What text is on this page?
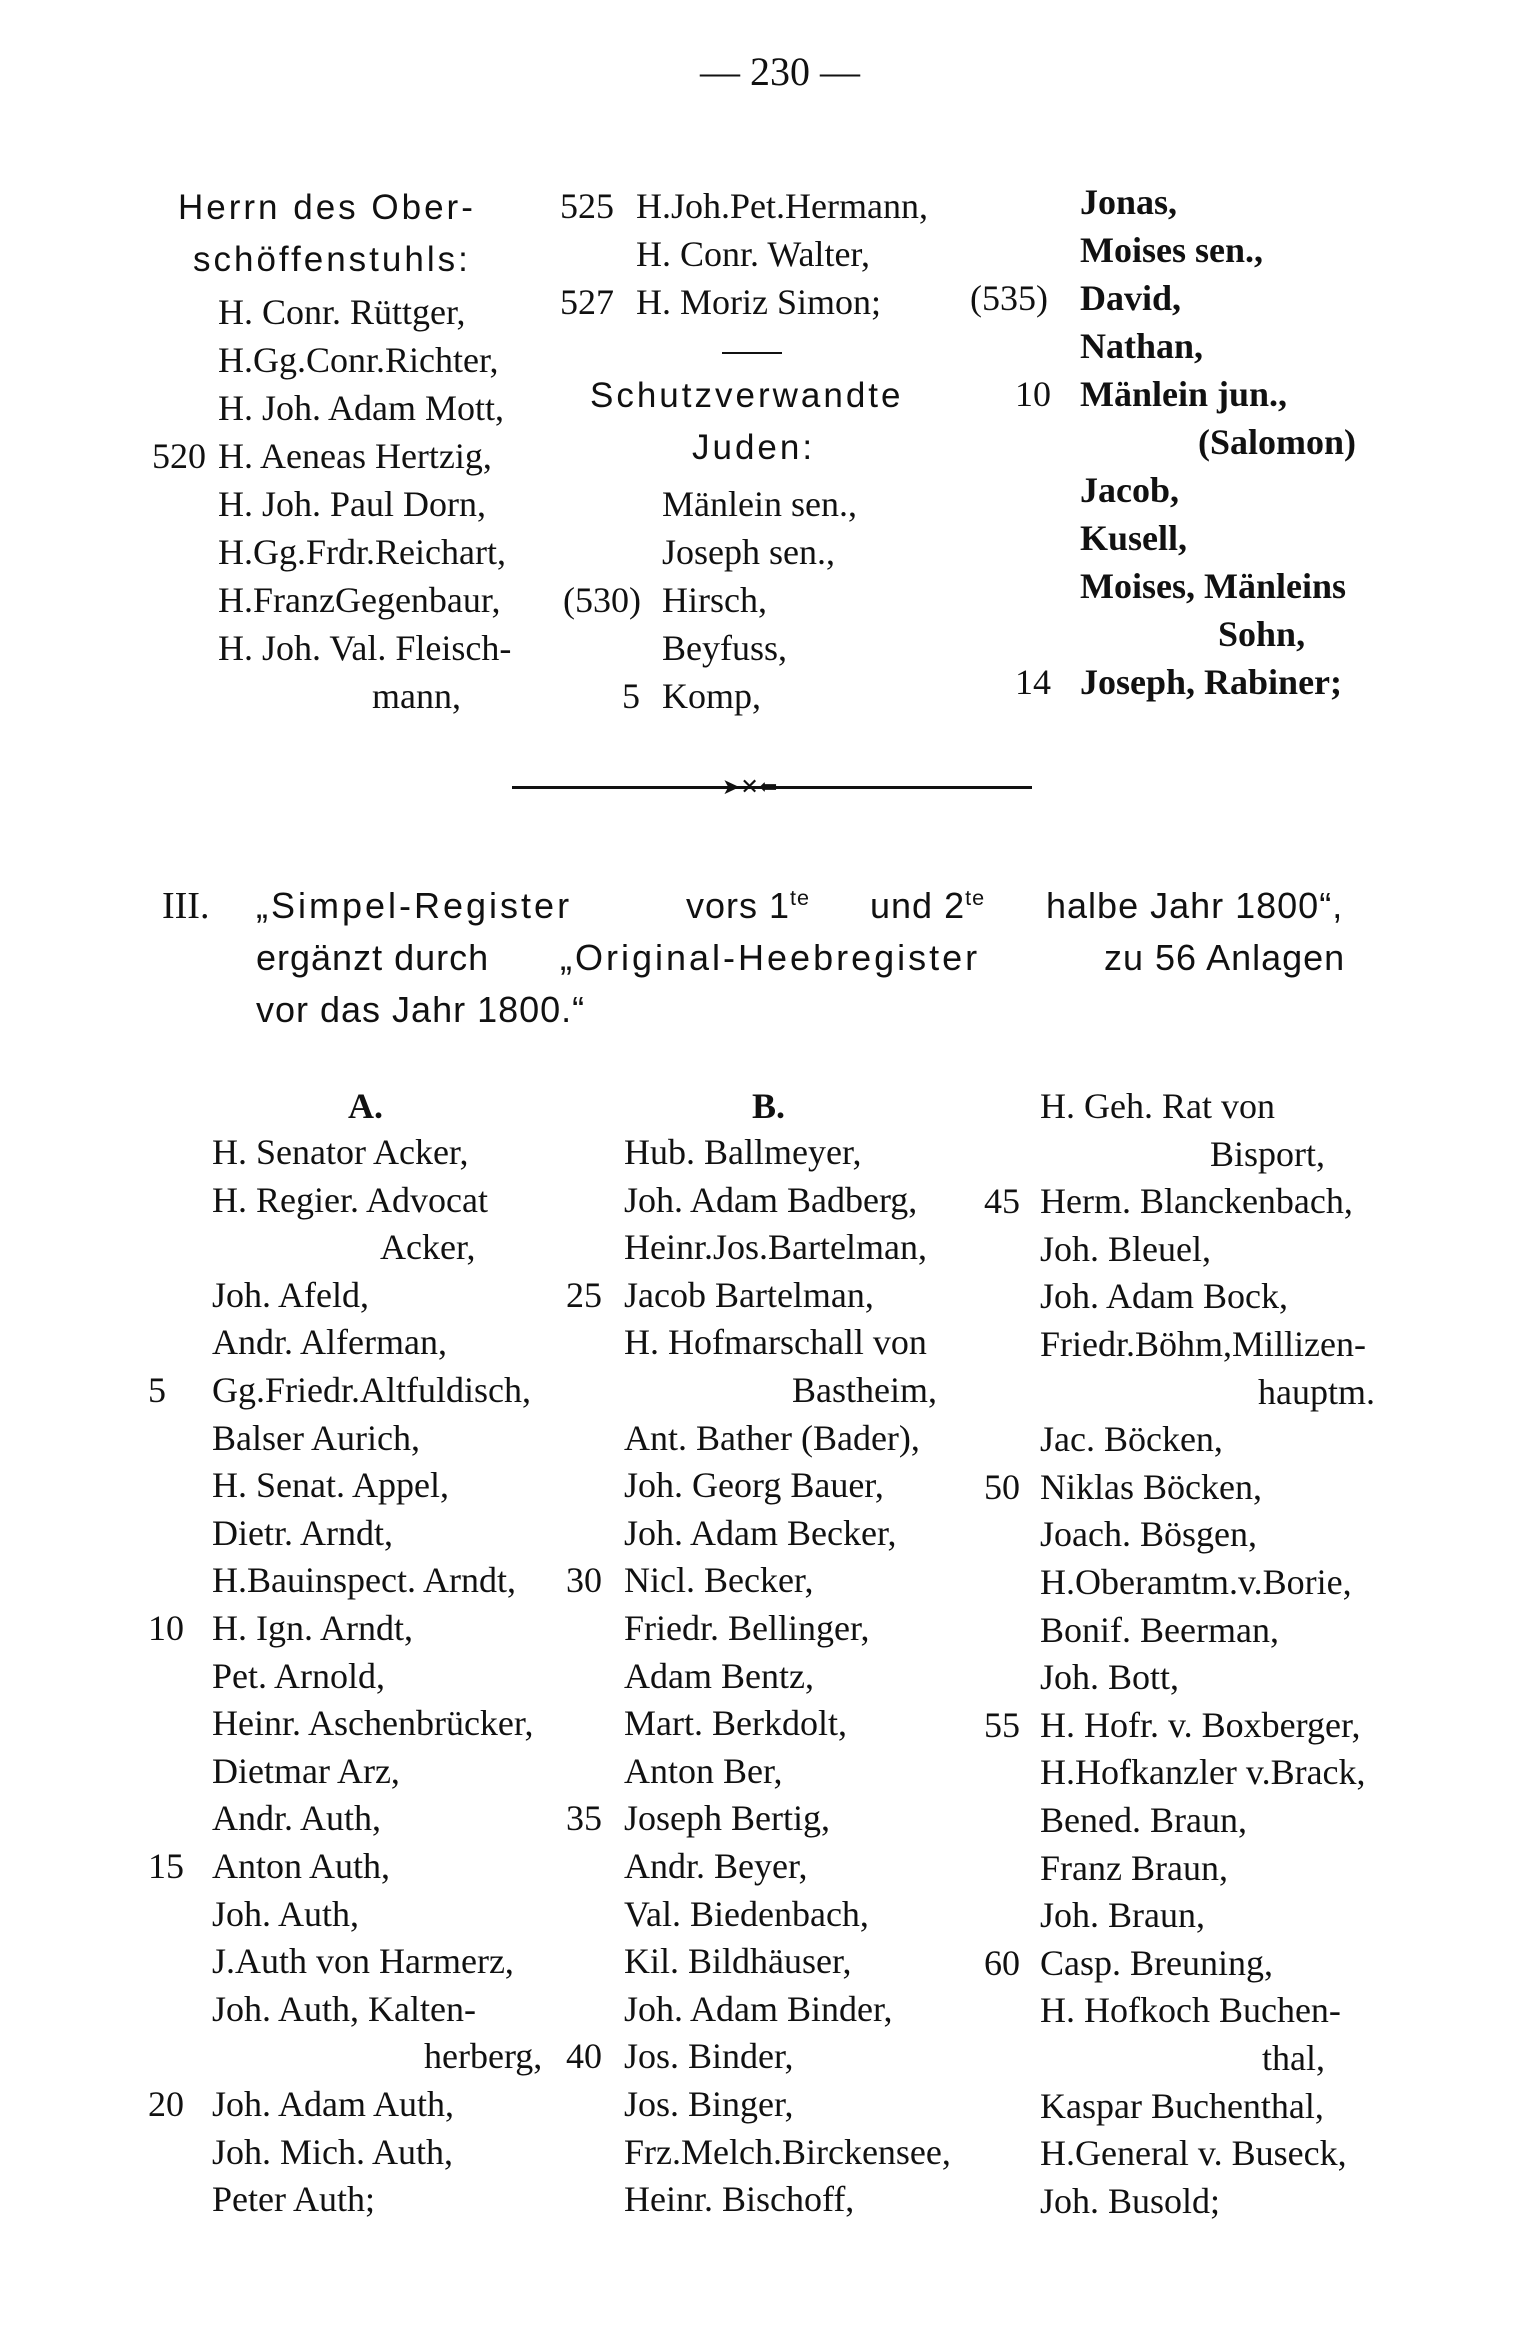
— 230 —
Herrn des Ober-
schöffenstuhls:
H. Conr. Rüttger,
H.Gg.Conr.Richter,
H. Joh. Adam Mott,
520 H. Aeneas Hertzig,
H. Joh. Paul Dorn,
H.Gg.Frdr.Reichart,
H.FranzGegenbaur,
H. Joh. Val. Fleisch-
mann,
525 H.Joh.Pet.Hermann,
H. Conr. Walter,
527 H. Moriz Simon;
Schutzverwandte
Juden:
Mänlein sen.,
Joseph sen.,
(530) Hirsch,
Beyfuss,
5 Komp,
Jonas,
Moises sen.,
(535) David,
Nathan,
10 Mänlein jun.,
(Salomon)
Jacob,
Kusell,
Moises, Mänleins
Sohn,
14 Joseph, Rabiner;
➤✕⬅
III. „Simpel-Register	vors $1^{te}$ und $2^{te}$ halbe Jahr 1800“,
ergänzt durch „Original-Heebregister	zu 56 Anlagen
vor das Jahr 1800.“
A.
H. Senator Acker,
H. Regier. Advocat
Acker,
Joh. Afeld,
Andr. Alferman,
Gg.Friedr.Altfuldisch,
5
Balser Aurich,
H. Senat. Appel,
Dietr. Arndt,
H.Bauinspect. Arndt,
H. Ign. Arndt,
10
Pet. Arnold,
Heinr. Aschenbrücker,
Dietmar Arz,
Andr. Auth,
Anton Auth,
15
Joh. Auth,
J.Auth von Harmerz,
Joh. Auth, Kalten-
herberg,
Joh. Adam Auth,
20
Joh. Mich. Auth,
Peter Auth;
B.
Hub. Ballmeyer,
Joh. Adam Badberg,
Heinr.Jos.Bartelman,
Jacob Bartelman,
25
H. Hofmarschall von
Bastheim,
Ant. Bather (Bader),
Joh. Georg Bauer,
Joh. Adam Becker,
Nicl. Becker,
30
Friedr. Bellinger,
Adam Bentz,
Mart. Berkdolt,
Anton Ber,
Joseph Bertig,
35
Andr. Beyer,
Val. Biedenbach,
Kil. Bildhäuser,
Joh. Adam Binder,
Jos. Binder,
40
Jos. Binger,
Frz.Melch.Birckensee,
Heinr. Bischoff,
H. Geh. Rat von
Bisport,
Herm. Blanckenbach,
45
Joh. Bleuel,
Joh. Adam Bock,
Friedr.Böhm,Millizen-
hauptm.
Jac. Böcken,
Niklas Böcken,
50
Joach. Bösgen,
H.Oberamtm.v.Borie,
Bonif. Beerman,
Joh. Bott,
H. Hofr. v. Boxberger,
55
H.Hofkanzler v.Brack,
Bened. Braun,
Franz Braun,
Joh. Braun,
Casp. Breuning,
60
H. Hofkoch Buchen-
thal,
Kaspar Buchenthal,
H.General v. Buseck,
Joh. Busold;
